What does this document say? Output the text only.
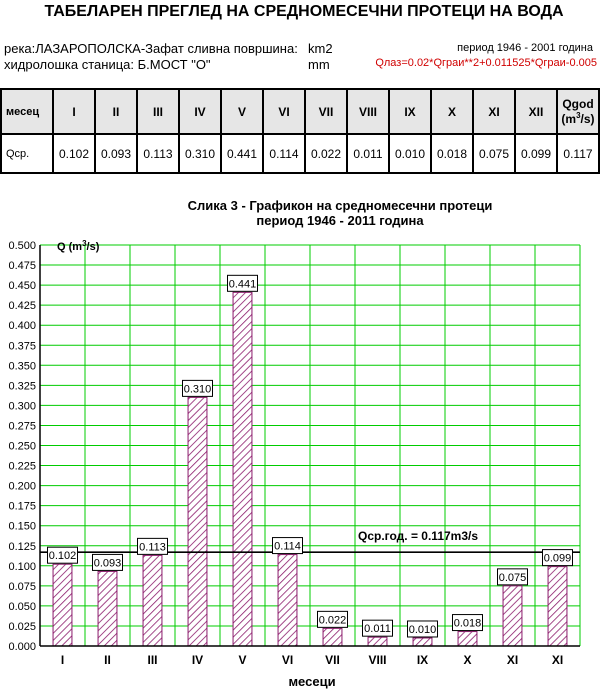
ТАБЕЛАРЕН ПРЕГЛЕД НА СРЕДНОМЕСЕЧНИ ПРОТЕЦИ НА ВОДА
река:ЛАЗАРОПОЛСКА-Зафат сливна површина: km2
хидролошка станица: Б.МОСТ "О"	mm
период 1946 - 2001 година
Qлаз=0.02*Qграи**2+0.011525*Qграи-0.005
месец	I	II	III	IV	V	VI	VII	VIII	IX	X	XI	XII	Qgod
$(m^3/s)$
Qср.	0.102	0.093	0.113	0.310	0.441	0.114	0.022	0.011	0.010	0.018	0.075	0.099	0.117
Слика 3 - Графикон на средномесечни протеци
период 1946 - 2011 година
Qср.год. = 0.117m3/s
0.102
0.093
0.113
0.310
0.441
0.114
0.022
0.011 0.010
0.018
0.075
0.099
0.000
0.025
0.050
0.075
0.100
0.125
0.150
0.175
0.200
0.225
0.250
0.275
0.300
0.325
0.350
0.375
0.400
0.425
0.450
0.475
0.500
I	II	III	IV	V	VI	VII VIII	IX	X	XI	XI
Q $(m^3/s)$
месеци
